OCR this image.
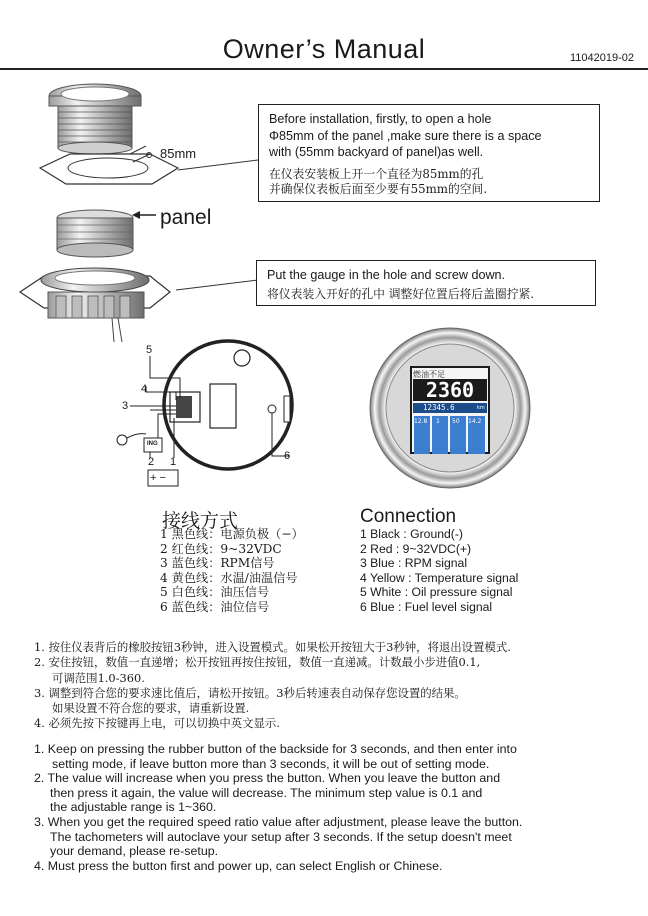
Owner’s Manual	11042019-02
85mm
panel
Before installation, firstly, to open a hole
Φ85mm of the panel ,make sure there is a space
with (55mm backyard of panel)as well.
在仪表安装板上开一个直径为85mm的孔
并确保仪表板后面至少要有55mm的空间.
Put the gauge in the hole and screw down.
将仪表装入开好的孔中 调整好位置后将后盖圈拧紧.
5
4
3
2 1	6
ING
+ −
燃油不足
2360
12345.6	km
12.8 1 50 14.2
接线方式	Connection

1 黑色线：电源负极（−）

2 红色线：9~32VDC

3 蓝色线：RPM信号

4 黄色线：水温/油温信号

5 白色线：油压信号

6 蓝色线：油位信号

1 Black : Ground(-)

2 Red : 9~32VDC(+)

3 Blue : RPM signal

4 Yellow : Temperature signal

5 White : Oil pressure signal

6 Blue : Fuel level signal

1. 按住仪表背后的橡胶按钮3秒钟，进入设置模式。如果松开按钮大于3秒钟，将退出设置模式.

2. 安住按钮，数值一直递增；松开按钮再按住按钮，数值一直递减。计数最小步进值0.1,

可调范围1.0-360.

3. 调整到符合您的要求速比值后，请松开按钮。3秒后转速表自动保存您设置的结果。

如果设置不符合您的要求，请重新设置.

4. 必须先按下按键再上电，可以切换中英文显示.

1. Keep on pressing the rubber button of the backside for 3 seconds, and then enter into

setting mode, if leave button more than 3 seconds, it will be out of setting mode.

2. The value will increase when you press the button. When you leave the button and

then press it again, the value will decrease. The minimum step value is 0.1 and

the adjustable range is 1~360.

3. When you get the required speed ratio value after adjustment, please leave the button.

The tachometers will autoclave your setup after 3 seconds. If the setup doesn't meet

your demand, please re-setup.

4. Must press the button first and power up, can select English or Chinese.
